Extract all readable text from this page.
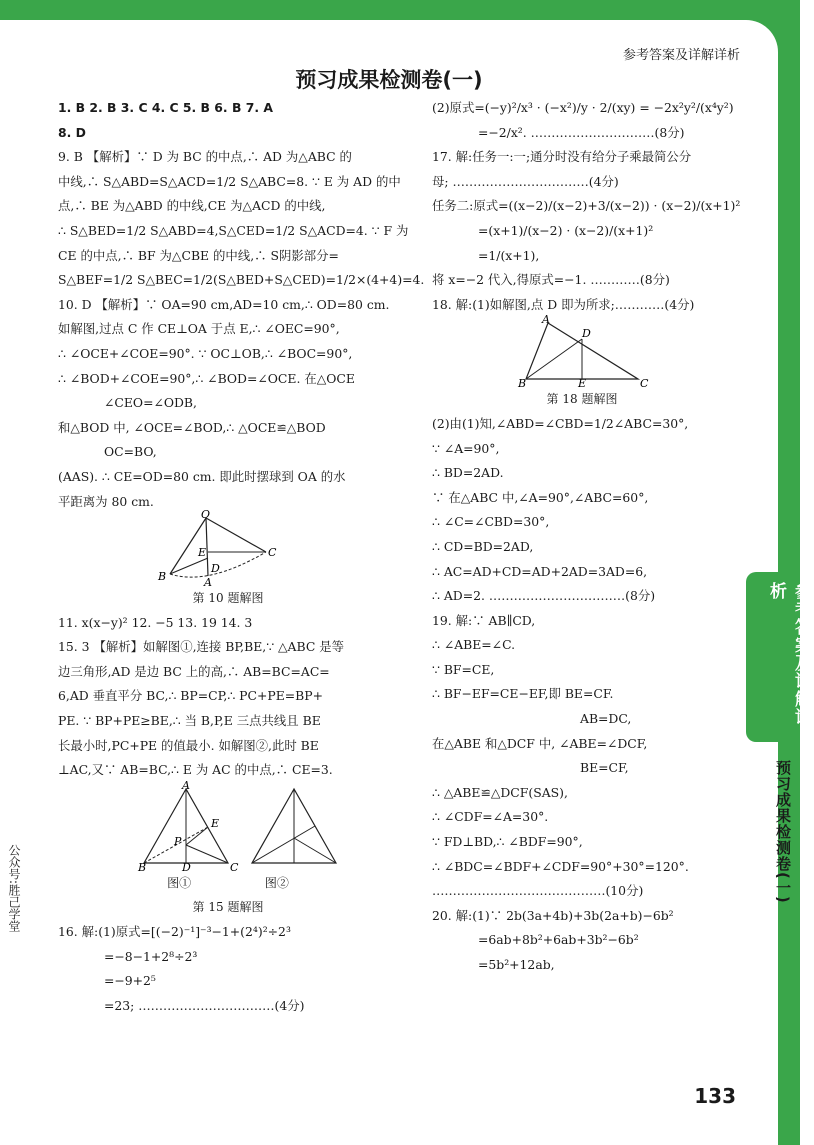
参考答案及详解详析
预习成果检测卷(一)
1. B 2. B 3. C 4. C 5. B 6. B 7. A
8. D
9. B 【解析】∵ D 为 BC 的中点,∴ AD 为△ABC 的
中线,∴ S△ABD=S△ACD=1/2 S△ABC=8. ∵ E 为 AD 的中
点,∴ BE 为△ABD 的中线,CE 为△ACD 的中线,
∴ S△BED=1/2 S△ABD=4,S△CED=1/2 S△ACD=4. ∵ F 为
CE 的中点,∴ BF 为△CBE 的中线,∴ S阴影部分=
S△BEF=1/2 S△BEC=1/2(S△BED+S△CED)=1/2×(4+4)=4.
10. D 【解析】∵ OA=90 cm,AD=10 cm,∴ OD=80 cm.
如解图,过点 C 作 CE⊥OA 于点 E,∴ ∠OEC=90°,
∴ ∠OCE+∠COE=90°. ∵ OC⊥OB,∴ ∠BOC=90°,
∴ ∠BOD+∠COE=90°,∴ ∠BOD=∠OCE. 在△OCE
∠CEO=∠ODB,
和△BOD 中, ∠OCE=∠BOD,∴ △OCE≌△BOD
OC=BO,
(AAS). ∴ CE=OD=80 cm. 即此时摆球到 OA 的水
平距离为 80 cm.
O
E
D
C
B	A
第 10 题解图
11. x(x−y)² 12. −5 13. 19 14. 3
15. 3 【解析】如解图①,连接 BP,BE,∵ △ABC 是等
边三角形,AD 是边 BC 上的高,∴ AB=BC=AC=
6,AD 垂直平分 BC,∴ BP=CP,∴ PC+PE=BP+
PE. ∵ BP+PE≥BE,∴ 当 B,P,E 三点共线且 BE
长最小时,PC+PE 的值最小. 如解图②,此时 BE
⊥AC,又∵ AB=BC,∴ E 为 AC 的中点,∴ CE=3.
A
E
P
B	D	C
图①	图②
第 15 题解图
16. 解:(1)原式=[(−2)⁻¹]⁻³−1+(2⁴)²÷2³
=−8−1+2⁸÷2³
=−9+2⁵
=23; ……………………………(4分)
(2)原式=(−y)²/x³ · (−x²)/y · 2/(xy) = −2x²y²/(x⁴y²)
=−2/x². …………………………(8分)
17. 解:任务一:一;通分时没有给分子乘最简公分
母; ……………………………(4分)
任务二:原式=((x−2)/(x−2)+3/(x−2)) · (x−2)/(x+1)²
=(x+1)/(x−2) · (x−2)/(x+1)²
=1/(x+1),
将 x=−2 代入,得原式=−1. …………(8分)
18. 解:(1)如解图,点 D 即为所求;…………(4分)
A
D
B	E	C
第 18 题解图
(2)由(1)知,∠ABD=∠CBD=1/2∠ABC=30°,
∵ ∠A=90°,
∴ BD=2AD.
∵ 在△ABC 中,∠A=90°,∠ABC=60°,
∴ ∠C=∠CBD=30°,
∴ CD=BD=2AD,
∴ AC=AD+CD=AD+2AD=3AD=6,
∴ AD=2. ……………………………(8分)
19. 解:∵ AB∥CD,
∴ ∠ABE=∠C.
∵ BF=CE,
∴ BF−EF=CE−EF,即 BE=CF.
AB=DC,
在△ABE 和△DCF 中, ∠ABE=∠DCF,
BE=CF,
∴ △ABE≌△DCF(SAS),
∴ ∠CDF=∠A=30°.
∵ FD⊥BD,∴ ∠BDF=90°,
∴ ∠BDC=∠BDF+∠CDF=90°+30°=120°.
……………………………………(10分)
20. 解:(1)∵ 2b(3a+4b)+3b(2a+b)−6b²
=6ab+8b²+6ab+3b²−6b²
=5b²+12ab,
参考答案及详解详析
预习成果检测卷(一)
公众号:胜己学堂
133
